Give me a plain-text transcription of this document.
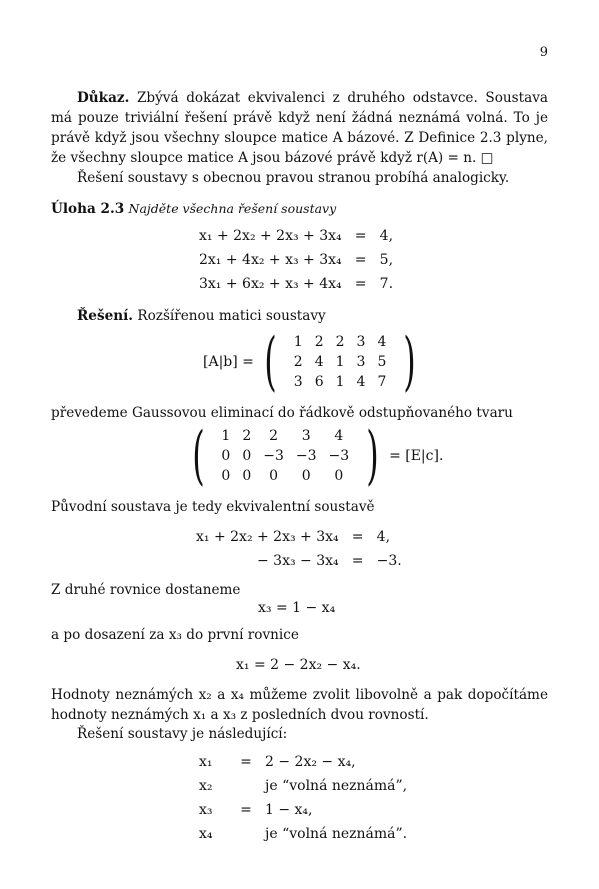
9

Důkaz. Zbývá dokázat ekvivalenci z druhého odstavce. Soustava má pouze triviální řešení právě když není žádná neznámá volná. To je právě když jsou všechny sloupce matice A bázové. Z Definice 2.3 plyne, že všechny sloupce matice A jsou bázové právě když r(A) = n. □

Řešení soustavy s obecnou pravou stranou probíhá analogicky.

Úloha 2.3 Najděte všechna řešení soustavy

x₁ + 2x₂ + 2x₃ + 3x₄	=	4,
2x₁ + 4x₂ + x₃ + 3x₄	=	5,
3x₁ + 6x₂ + x₃ + 4x₄	=	7.

Řešení. Rozšířenou matici soustavy

[A|b] = ( 1	2	2	3	4
2	4	1	3	5
3	6	1	4	7 )

převedeme Gaussovou eliminací do řádkově odstupňovaného tvaru

( 1	2	2	3	4
0	0	−3	−3	−3
0	0	0	0	0 ) = [E|c].

Původní soustava je tedy ekvivalentní soustavě

x₁ + 2x₂ + 2x₃ + 3x₄	=	4,
− 3x₃ − 3x₄	=	−3.

Z druhé rovnice dostaneme

x₃ = 1 − x₄

a po dosazení za x₃ do první rovnice

x₁ = 2 − 2x₂ − x₄.

Hodnoty neznámých x₂ a x₄ můžeme zvolit libovolně a pak dopočítáme hodnoty neznámých x₁ a x₃ z posledních dvou rovností.

Řešení soustavy je následující:

x₁	=	2 − 2x₂ − x₄,
x₂		je “volná neznámá”,
x₃	=	1 − x₄,
x₄		je “volná neznámá”.
